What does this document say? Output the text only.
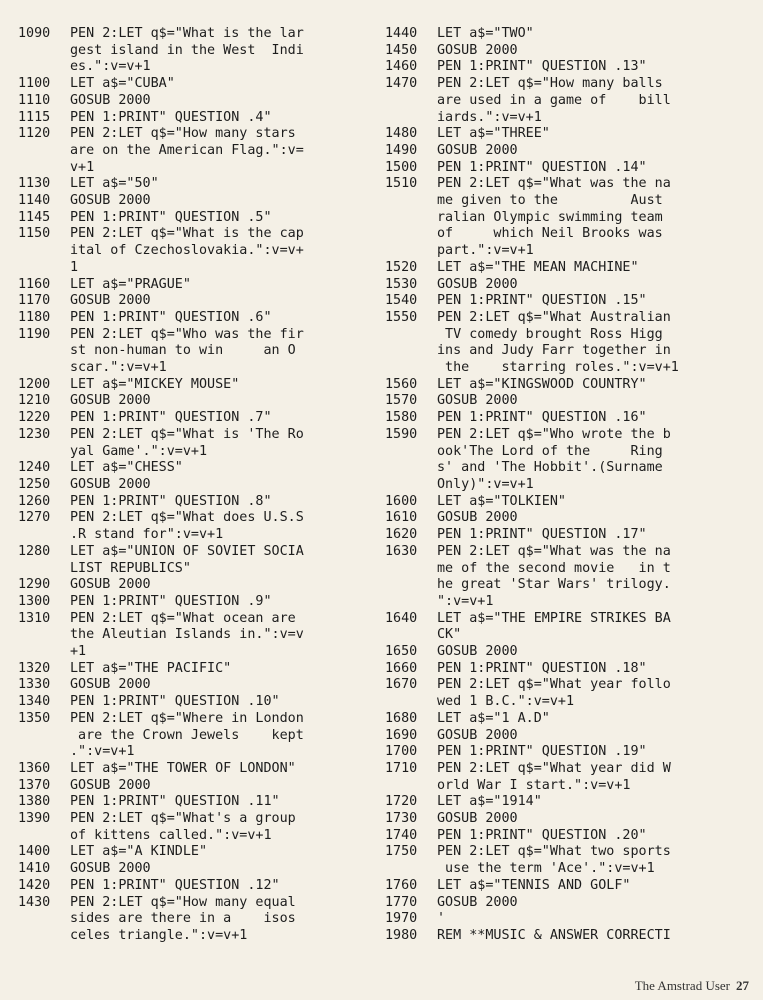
1090	PEN 2:LET q$="What is the lar
gest island in the West  Indi
es.":v=v+1
1100	LET a$="CUBA"
1110	GOSUB 2000
1115	PEN 1:PRINT" QUESTION .4"
1120	PEN 2:LET q$="How many stars
are on the American Flag.":v=
v+1
1130	LET a$="50"
1140	GOSUB 2000
1145	PEN 1:PRINT" QUESTION .5"
1150	PEN 2:LET q$="What is the cap
ital of Czechoslovakia.":v=v+
1
1160	LET a$="PRAGUE"
1170	GOSUB 2000
1180	PEN 1:PRINT" QUESTION .6"
1190	PEN 2:LET q$="Who was the fir
st non-human to win     an O
scar.":v=v+1
1200	LET a$="MICKEY MOUSE"
1210	GOSUB 2000
1220	PEN 1:PRINT" QUESTION .7"
1230	PEN 2:LET q$="What is 'The Ro
yal Game'.":v=v+1
1240	LET a$="CHESS"
1250	GOSUB 2000
1260	PEN 1:PRINT" QUESTION .8"
1270	PEN 2:LET q$="What does U.S.S
.R stand for":v=v+1
1280	LET a$="UNION OF SOVIET SOCIA
LIST REPUBLICS"
1290	GOSUB 2000
1300	PEN 1:PRINT" QUESTION .9"
1310	PEN 2:LET q$="What ocean are
the Aleutian Islands in.":v=v
+1
1320	LET a$="THE PACIFIC"
1330	GOSUB 2000
1340	PEN 1:PRINT" QUESTION .10"
1350	PEN 2:LET q$="Where in London
are the Crown Jewels    kept
.":v=v+1
1360	LET a$="THE TOWER OF LONDON"
1370	GOSUB 2000
1380	PEN 1:PRINT" QUESTION .11"
1390	PEN 2:LET q$="What's a group
of kittens called.":v=v+1
1400	LET a$="A KINDLE"
1410	GOSUB 2000
1420	PEN 1:PRINT" QUESTION .12"
1430	PEN 2:LET q$="How many equal
sides are there in a    isos
celes triangle.":v=v+1
1440	LET a$="TWO"
1450	GOSUB 2000
1460	PEN 1:PRINT" QUESTION .13"
1470	PEN 2:LET q$="How many balls
are used in a game of    bill
iards.":v=v+1
1480	LET a$="THREE"
1490	GOSUB 2000
1500	PEN 1:PRINT" QUESTION .14"
1510	PEN 2:LET q$="What was the na
me given to the         Aust
ralian Olympic swimming team
of     which Neil Brooks was
part.":v=v+1
1520	LET a$="THE MEAN MACHINE"
1530	GOSUB 2000
1540	PEN 1:PRINT" QUESTION .15"
1550	PEN 2:LET q$="What Australian
TV comedy brought Ross Higg
ins and Judy Farr together in
the    starring roles.":v=v+1
1560	LET a$="KINGSWOOD COUNTRY"
1570	GOSUB 2000
1580	PEN 1:PRINT" QUESTION .16"
1590	PEN 2:LET q$="Who wrote the b
ook'The Lord of the     Ring
s' and 'The Hobbit'.(Surname
Only)":v=v+1
1600	LET a$="TOLKIEN"
1610	GOSUB 2000
1620	PEN 1:PRINT" QUESTION .17"
1630	PEN 2:LET q$="What was the na
me of the second movie   in t
he great 'Star Wars' trilogy.
":v=v+1
1640	LET a$="THE EMPIRE STRIKES BA
CK"
1650	GOSUB 2000
1660	PEN 1:PRINT" QUESTION .18"
1670	PEN 2:LET q$="What year follo
wed 1 B.C.":v=v+1
1680	LET a$="1 A.D"
1690	GOSUB 2000
1700	PEN 1:PRINT" QUESTION .19"
1710	PEN 2:LET q$="What year did W
orld War I start.":v=v+1
1720	LET a$="1914"
1730	GOSUB 2000
1740	PEN 1:PRINT" QUESTION .20"
1750	PEN 2:LET q$="What two sports
use the term 'Ace'.":v=v+1
1760	LET a$="TENNIS AND GOLF"
1770	GOSUB 2000
1970	'
1980	REM **MUSIC & ANSWER CORRECTI
The Amstrad User 27
